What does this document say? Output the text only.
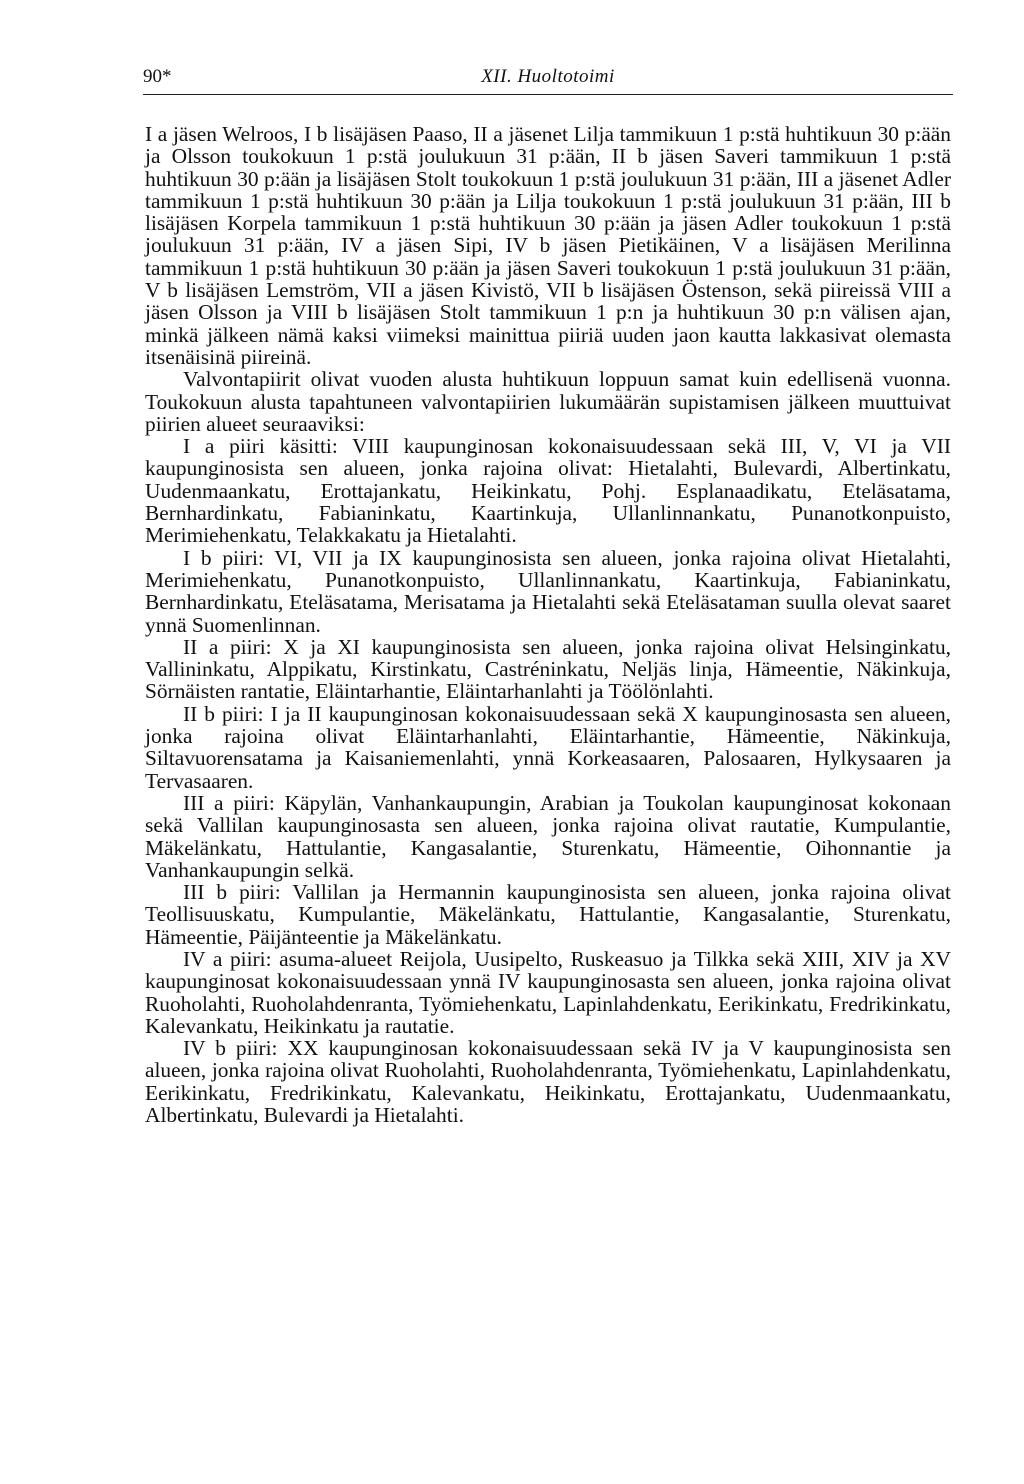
90*	XII. Huoltotoimi

I a jäsen Welroos, I b lisäjäsen Paaso, II a jäsenet Lilja tammikuun 1 p:stä huhtikuun 30 p:ään ja Olsson toukokuun 1 p:stä joulukuun 31 p:ään, II b jäsen Saveri tammikuun 1 p:stä huhtikuun 30 p:ään ja lisäjäsen Stolt toukokuun 1 p:stä joulukuun 31 p:ään, III a jäsenet Adler tammikuun 1 p:stä huhtikuun 30 p:ään ja Lilja toukokuun 1 p:stä joulukuun 31 p:ään, III b lisäjäsen Korpela tammikuun 1 p:stä huhtikuun 30 p:ään ja jäsen Adler toukokuun 1 p:stä joulukuun 31 p:ään, IV a jäsen Sipi, IV b jäsen Pietikäinen, V a lisäjäsen Merilinna tammikuun 1 p:stä huhtikuun 30 p:ään ja jäsen Saveri toukokuun 1 p:stä joulukuun 31 p:ään, V b lisäjäsen Lemström, VII a jäsen Kivistö, VII b lisäjäsen Östenson, sekä piireissä VIII a jäsen Olsson ja VIII b lisäjäsen Stolt tammikuun 1 p:n ja huhtikuun 30 p:n välisen ajan, minkä jälkeen nämä kaksi viimeksi mainittua piiriä uuden jaon kautta lakkasivat olemasta itsenäisinä piireinä.

Valvontapiirit olivat vuoden alusta huhtikuun loppuun samat kuin edellisenä vuonna. Toukokuun alusta tapahtuneen valvontapiirien lukumäärän supistamisen jälkeen muuttuivat piirien alueet seuraaviksi:

I a piiri käsitti: VIII kaupunginosan kokonaisuudessaan sekä III, V, VI ja VII kaupunginosista sen alueen, jonka rajoina olivat: Hietalahti, Bulevardi, Albertinkatu, Uudenmaankatu, Erottajankatu, Heikinkatu, Pohj. Esplanaadikatu, Eteläsatama, Bernhardinkatu, Fabianinkatu, Kaartinkuja, Ullanlinnankatu, Punanotkonpuisto, Merimiehenkatu, Telakkakatu ja Hietalahti.

I b piiri: VI, VII ja IX kaupunginosista sen alueen, jonka rajoina olivat Hietalahti, Merimiehenkatu, Punanotkonpuisto, Ullanlinnankatu, Kaartinkuja, Fabianinkatu, Bernhardinkatu, Eteläsatama, Merisatama ja Hietalahti sekä Eteläsataman suulla olevat saaret ynnä Suomenlinnan.

II a piiri: X ja XI kaupunginosista sen alueen, jonka rajoina olivat Helsinginkatu, Vallininkatu, Alppikatu, Kirstinkatu, Castréninkatu, Neljäs linja, Hämeentie, Näkinkuja, Sörnäisten rantatie, Eläintarhantie, Eläintarhanlahti ja Töölönlahti.

II b piiri: I ja II kaupunginosan kokonaisuudessaan sekä X kaupunginosasta sen alueen, jonka rajoina olivat Eläintarhanlahti, Eläintarhantie, Hämeentie, Näkinkuja, Siltavuorensatama ja Kaisaniemenlahti, ynnä Korkeasaaren, Palosaaren, Hylkysaaren ja Tervasaaren.

III a piiri: Käpylän, Vanhankaupungin, Arabian ja Toukolan kaupunginosat kokonaan sekä Vallilan kaupunginosasta sen alueen, jonka rajoina olivat rautatie, Kumpulantie, Mäkelänkatu, Hattulantie, Kangasalantie, Sturenkatu, Hämeentie, Oihonnantie ja Vanhankaupungin selkä.

III b piiri: Vallilan ja Hermannin kaupunginosista sen alueen, jonka rajoina olivat Teollisuuskatu, Kumpulantie, Mäkelänkatu, Hattulantie, Kangasalantie, Sturenkatu, Hämeentie, Päijänteentie ja Mäkelänkatu.

IV a piiri: asuma-alueet Reijola, Uusipelto, Ruskeasuo ja Tilkka sekä XIII, XIV ja XV kaupunginosat kokonaisuudessaan ynnä IV kaupunginosasta sen alueen, jonka rajoina olivat Ruoholahti, Ruoholahdenranta, Työmiehenkatu, Lapinlahdenkatu, Eerikinkatu, Fredrikinkatu, Kalevankatu, Heikinkatu ja rautatie.

IV b piiri: XX kaupunginosan kokonaisuudessaan sekä IV ja V kaupunginosista sen alueen, jonka rajoina olivat Ruoholahti, Ruoholahdenranta, Työmiehenkatu, Lapinlahdenkatu, Eerikinkatu, Fredrikinkatu, Kalevankatu, Heikinkatu, Erottajankatu, Uudenmaankatu, Albertinkatu, Bulevardi ja Hietalahti.
